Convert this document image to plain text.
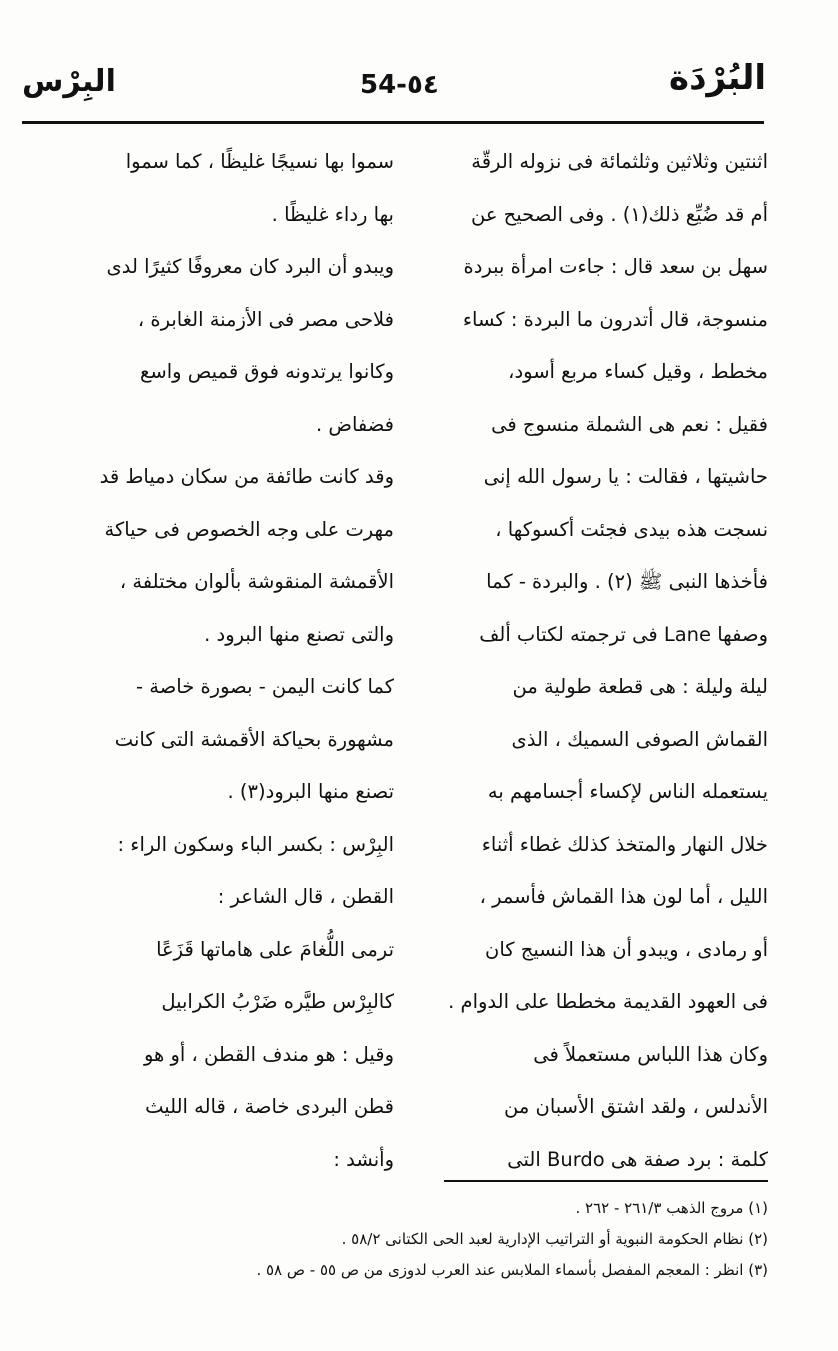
البُرْدَة
54-٥٤
البِرْس
اثنتين وثلاثين وثلثمائة فى نزوله الرقّة
أم قد ضُيِّع ذلك(١) . وفى الصحيح عن
سهل بن سعد قال : جاءت امرأة ببردة
منسوجة، قال أتدرون ما البردة : كساء
مخطط ، وقيل كساء مربع أسود،
فقيل : نعم هى الشملة منسوج فى
حاشيتها ، فقالت : يا رسول الله إنى
نسجت هذه بيدى فجئت أكسوكها ،
فأخذها النبى ﷺ (٢) . والبردة - كما
وصفها Lane فى ترجمته لكتاب ألف
ليلة وليلة : هى قطعة طولية من
القماش الصوفى السميك ، الذى
يستعمله الناس لإكساء أجسامهم به
خلال النهار والمتخذ كذلك غطاء أثناء
الليل ، أما لون هذا القماش فأسمر ،
أو رمادى ، ويبدو أن هذا النسيج كان
فى العهود القديمة مخططا على الدوام .
وكان هذا اللباس مستعملاً فى
الأندلس ، ولقد اشتق الأسبان من
كلمة : برد صفة هى Burdo التى
سموا بها نسيجًا غليظًا ، كما سموا
بها رداء غليظًا .
ويبدو أن البرد كان معروفًا كثيرًا لدى
فلاحى مصر فى الأزمنة الغابرة ،
وكانوا يرتدونه فوق قميص واسع
فضفاض .
وقد كانت طائفة من سكان دمياط قد
مهرت على وجه الخصوص فى حياكة
الأقمشة المنقوشة بألوان مختلفة ،
والتى تصنع منها البرود .
كما كانت اليمن - بصورة خاصة -
مشهورة بحياكة الأقمشة التى كانت
تصنع منها البرود(٣) .
البِرْس : بكسر الباء وسكون الراء :
القطن ، قال الشاعر :
ترمى اللُّغامَ على هاماتها قَزَعًا
كالبِرْس طيَّره ضَرْبُ الكرابيل
وقيل : هو مندف القطن ، أو هو
قطن البردى خاصة ، قاله الليث
وأنشد :
(١) مروج الذهب ٢٦١/٣ - ٢٦٢ .
(٢) نظام الحكومة النبوية أو التراتيب الإدارية لعبد الحى الكتانى ٥٨/٢ .
(٣) انظر : المعجم المفصل بأسماء الملابس عند العرب لدوزى من ص ٥٥ - ص ٥٨ .
